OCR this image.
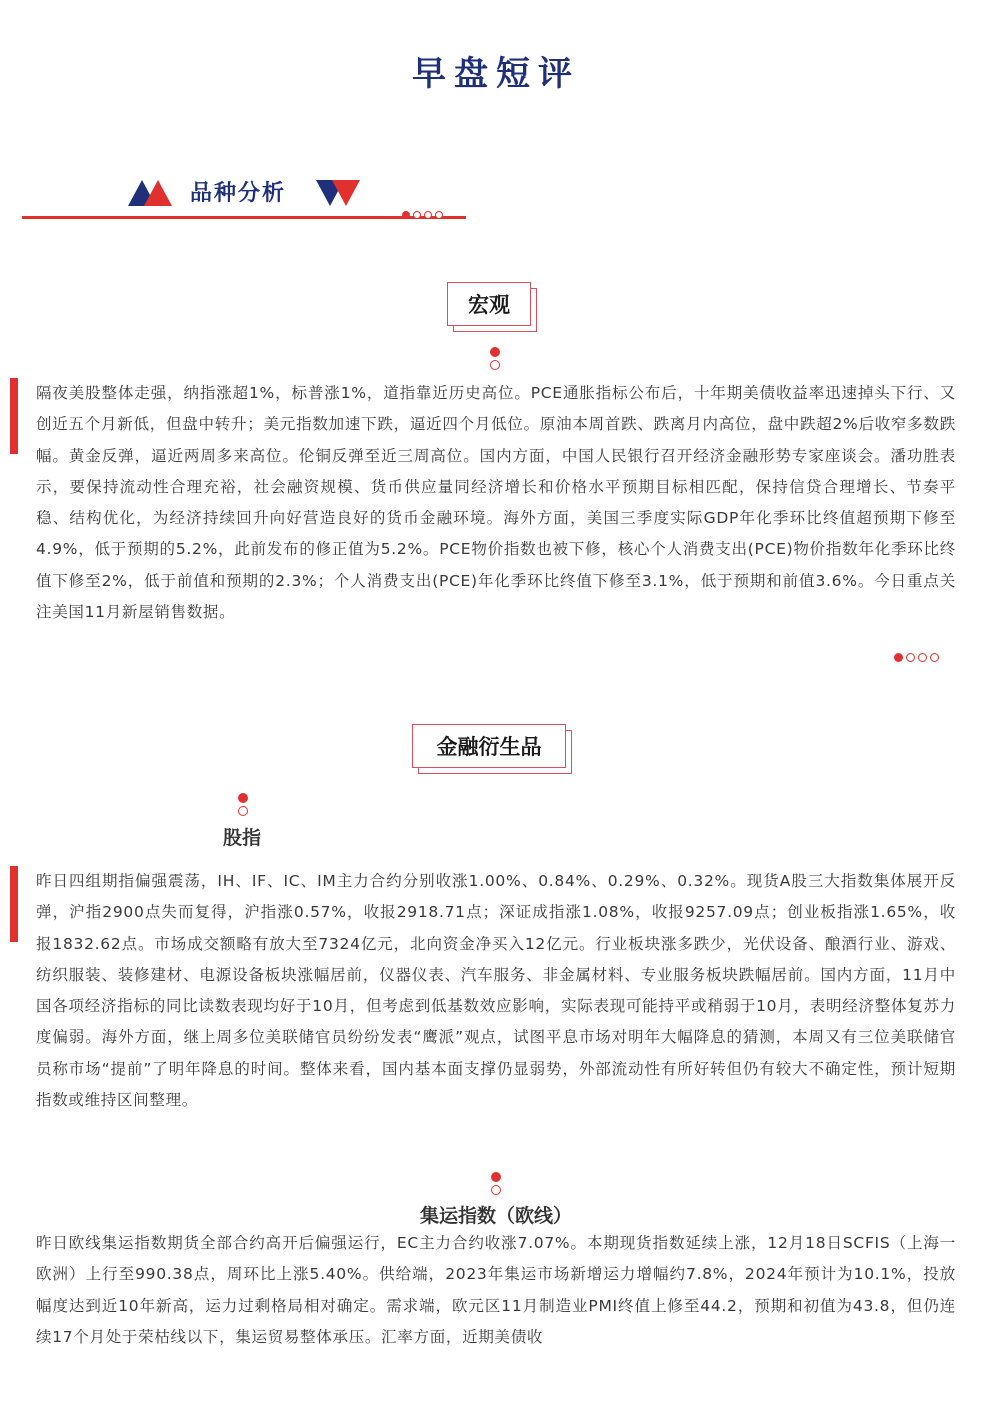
早盘短评
品种分析
宏观
隔夜美股整体走强，纳指涨超1%，标普涨1%，道指靠近历史高位。PCE通胀指标公布后，十年期美债收益率迅速掉头下行、又创近五个月新低，但盘中转升；美元指数加速下跌，逼近四个月低位。原油本周首跌、跌离月内高位，盘中跌超2%后收窄多数跌幅。黄金反弹，逼近两周多来高位。伦铜反弹至近三周高位。国内方面，中国人民银行召开经济金融形势专家座谈会。潘功胜表示，要保持流动性合理充裕，社会融资规模、货币供应量同经济增长和价格水平预期目标相匹配，保持信贷合理增长、节奏平稳、结构优化，为经济持续回升向好营造良好的货币金融环境。海外方面，美国三季度实际GDP年化季环比终值超预期下修至4.9%，低于预期的5.2%，此前发布的修正值为5.2%。PCE物价指数也被下修，核心个人消费支出(PCE)物价指数年化季环比终值下修至2%，低于前值和预期的2.3%；个人消费支出(PCE)年化季环比终值下修至3.1%，低于预期和前值3.6%。今日重点关注美国11月新屋销售数据。
金融衍生品
股指
昨日四组期指偏强震荡，IH、IF、IC、IM主力合约分别收涨1.00%、0.84%、0.29%、0.32%。现货A股三大指数集体展开反弹，沪指2900点失而复得，沪指涨0.57%，收报2918.71点；深证成指涨1.08%，收报9257.09点；创业板指涨1.65%，收报1832.62点。市场成交额略有放大至7324亿元，北向资金净买入12亿元。行业板块涨多跌少，光伏设备、酿酒行业、游戏、纺织服装、装修建材、电源设备板块涨幅居前，仪器仪表、汽车服务、非金属材料、专业服务板块跌幅居前。国内方面，11月中国各项经济指标的同比读数表现均好于10月，但考虑到低基数效应影响，实际表现可能持平或稍弱于10月，表明经济整体复苏力度偏弱。海外方面，继上周多位美联储官员纷纷发表“鹰派”观点，试图平息市场对明年大幅降息的猜测，本周又有三位美联储官员称市场“提前”了明年降息的时间。整体来看，国内基本面支撑仍显弱势，外部流动性有所好转但仍有较大不确定性，预计短期指数或维持区间整理。
集运指数（欧线）
昨日欧线集运指数期货全部合约高开后偏强运行，EC主力合约收涨7.07%。本期现货指数延续上涨，12月18日SCFIS（上海一欧洲）上行至990.38点，周环比上涨5.40%。供给端，2023年集运市场新增运力增幅约7.8%，2024年预计为10.1%，投放幅度达到近10年新高，运力过剩格局相对确定。需求端，欧元区11月制造业PMI终值上修至44.2，预期和初值为43.8，但仍连续17个月处于荣枯线以下，集运贸易整体承压。汇率方面，近期美债收
